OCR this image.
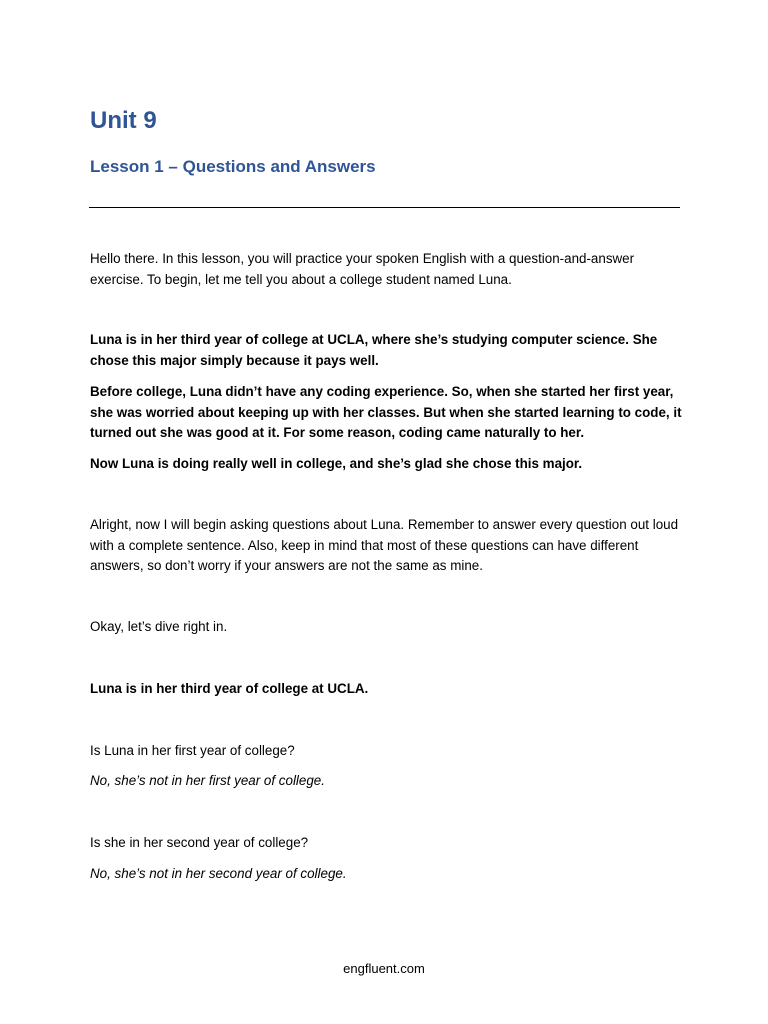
Unit 9
Lesson 1 – Questions and Answers

Hello there. In this lesson, you will practice your spoken English with a question-and-answer exercise. To begin, let me tell you about a college student named Luna.

Luna is in her third year of college at UCLA, where she’s studying computer science. She chose this major simply because it pays well.

Before college, Luna didn’t have any coding experience. So, when she started her first year, she was worried about keeping up with her classes. But when she started learning to code, it turned out she was good at it. For some reason, coding came naturally to her.

Now Luna is doing really well in college, and she’s glad she chose this major.

Alright, now I will begin asking questions about Luna. Remember to answer every question out loud with a complete sentence. Also, keep in mind that most of these questions can have different answers, so don’t worry if your answers are not the same as mine.

Okay, let’s dive right in.

Luna is in her third year of college at UCLA.

Is Luna in her first year of college?

No, she’s not in her first year of college.

Is she in her second year of college?

No, she’s not in her second year of college.

engfluent.com
